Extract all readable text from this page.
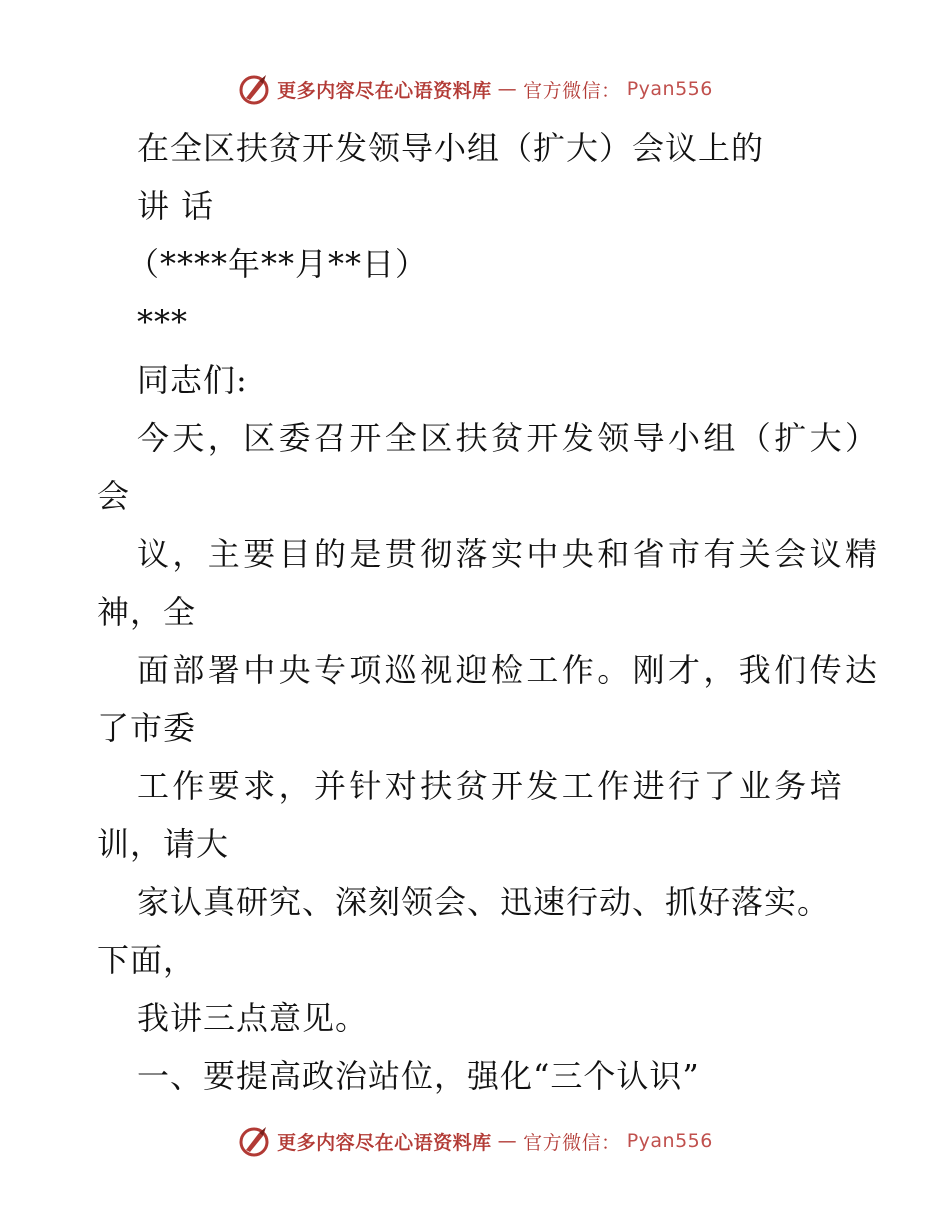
更多内容尽在心语资料库 — 官方微信： Pyan556
在全区扶贫开发领导小组（扩大）会议上的
讲 话
（****年**月**日）
***
同志们:
今天，区委召开全区扶贫开发领导小组（扩大）
会
议，主要目的是贯彻落实中央和省市有关会议精
神，全
面部署中央专项巡视迎检工作。刚才，我们传达
了市委
工作要求，并针对扶贫开发工作进行了业务培
训，请大
家认真研究、深刻领会、迅速行动、抓好落实。
下面，
我讲三点意见。
一、要提高政治站位，强化“三个认识”
更多内容尽在心语资料库 — 官方微信： Pyan556
